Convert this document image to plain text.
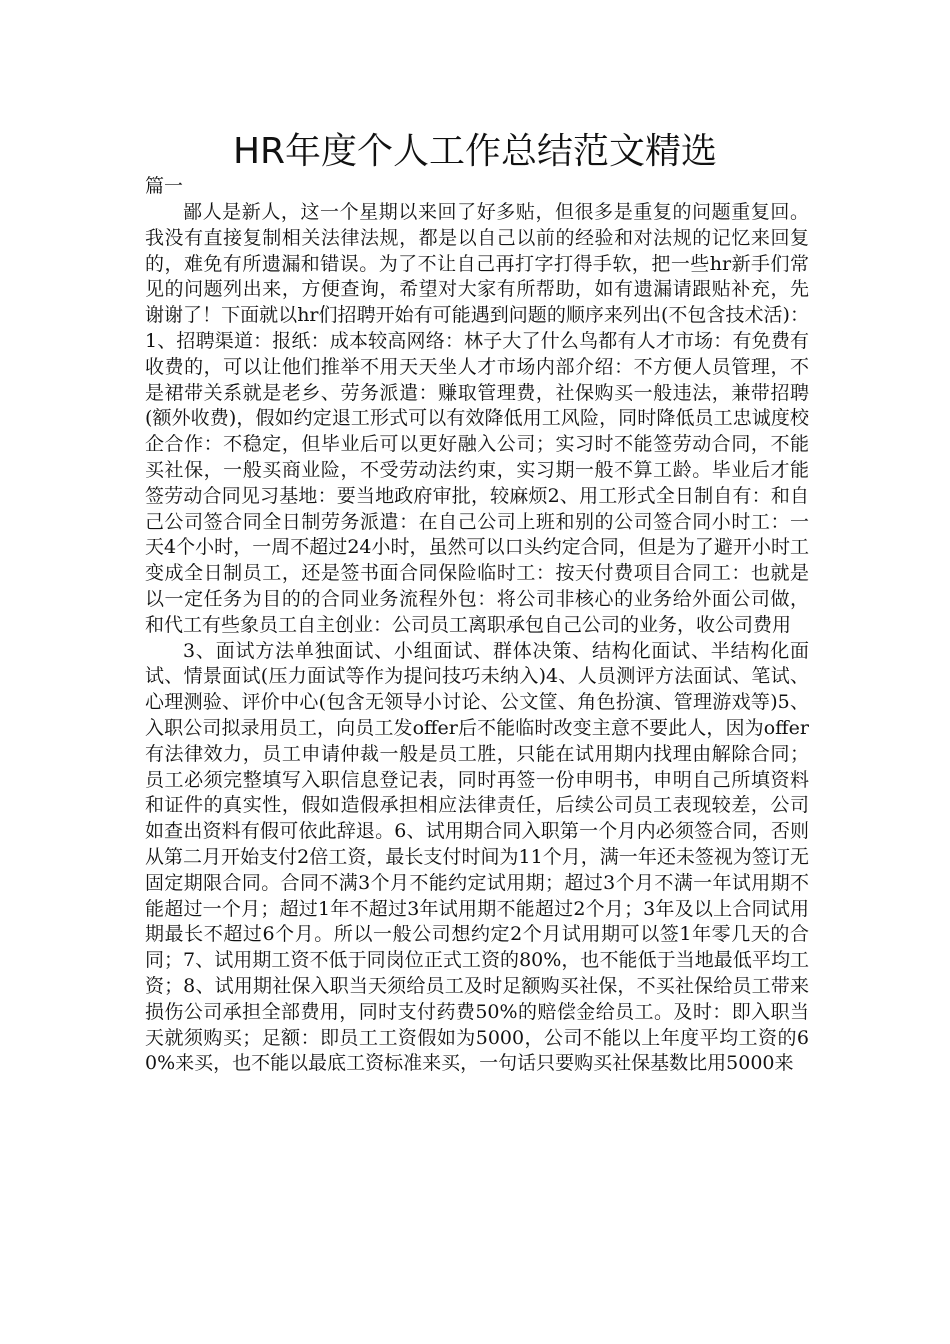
HR年度个人工作总结范文精选
篇一

鄙人是新人，这一个星期以来回了好多贴，但很多是重复的问题重复回。我没有直接复制相关法律法规，都是以自己以前的经验和对法规的记忆来回复的，难免有所遗漏和错误。为了不让自己再打字打得手软，把一些hr新手们常见的问题列出来，方便查询，希望对大家有所帮助，如有遗漏请跟贴补充，先谢谢了！下面就以hr们招聘开始有可能遇到问题的顺序来列出(不包含技术活)：1、招聘渠道：报纸：成本较高网络：林子大了什么鸟都有人才市场：有免费有收费的，可以让他们推举不用天天坐人才市场内部介绍：不方便人员管理，不是裙带关系就是老乡、劳务派遣：赚取管理费，社保购买一般违法，兼带招聘(额外收费)，假如约定退工形式可以有效降低用工风险，同时降低员工忠诚度校企合作：不稳定，但毕业后可以更好融入公司；实习时不能签劳动合同，不能买社保，一般买商业险，不受劳动法约束，实习期一般不算工龄。毕业后才能签劳动合同见习基地：要当地政府审批，较麻烦2、用工形式全日制自有：和自己公司签合同全日制劳务派遣：在自己公司上班和别的公司签合同小时工：一天4个小时，一周不超过24小时，虽然可以口头约定合同，但是为了避开小时工变成全日制员工，还是签书面合同保险临时工：按天付费项目合同工：也就是以一定任务为目的的合同业务流程外包：将公司非核心的业务给外面公司做，和代工有些象员工自主创业：公司员工离职承包自己公司的业务，收公司费用

3、面试方法单独面试、小组面试、群体决策、结构化面试、半结构化面试、情景面试(压力面试等作为提问技巧未纳入)4、人员测评方法面试、笔试、心理测验、评价中心(包含无领导小讨论、公文筐、角色扮演、管理游戏等)5、入职公司拟录用员工，向员工发offer后不能临时改变主意不要此人，因为offer有法律效力，员工申请仲裁一般是员工胜，只能在试用期内找理由解除合同；员工必须完整填写入职信息登记表，同时再签一份申明书，申明自己所填资料和证件的真实性，假如造假承担相应法律责任，后续公司员工表现较差，公司如查出资料有假可依此辞退。6、试用期合同入职第一个月内必须签合同，否则从第二月开始支付2倍工资，最长支付时间为11个月，满一年还未签视为签订无固定期限合同。合同不满3个月不能约定试用期；超过3个月不满一年试用期不能超过一个月；超过1年不超过3年试用期不能超过2个月；3年及以上合同试用期最长不超过6个月。所以一般公司想约定2个月试用期可以签1年零几天的合同；7、试用期工资不低于同岗位正式工资的80%，也不能低于当地最低平均工资；8、试用期社保入职当天须给员工及时足额购买社保，不买社保给员工带来损伤公司承担全部费用，同时支付药费50%的赔偿金给员工。及时：即入职当天就须购买；足额：即员工工资假如为5000，公司不能以上年度平均工资的60%来买，也不能以最底工资标准来买，一句话只要购买社保基数比用5000来
